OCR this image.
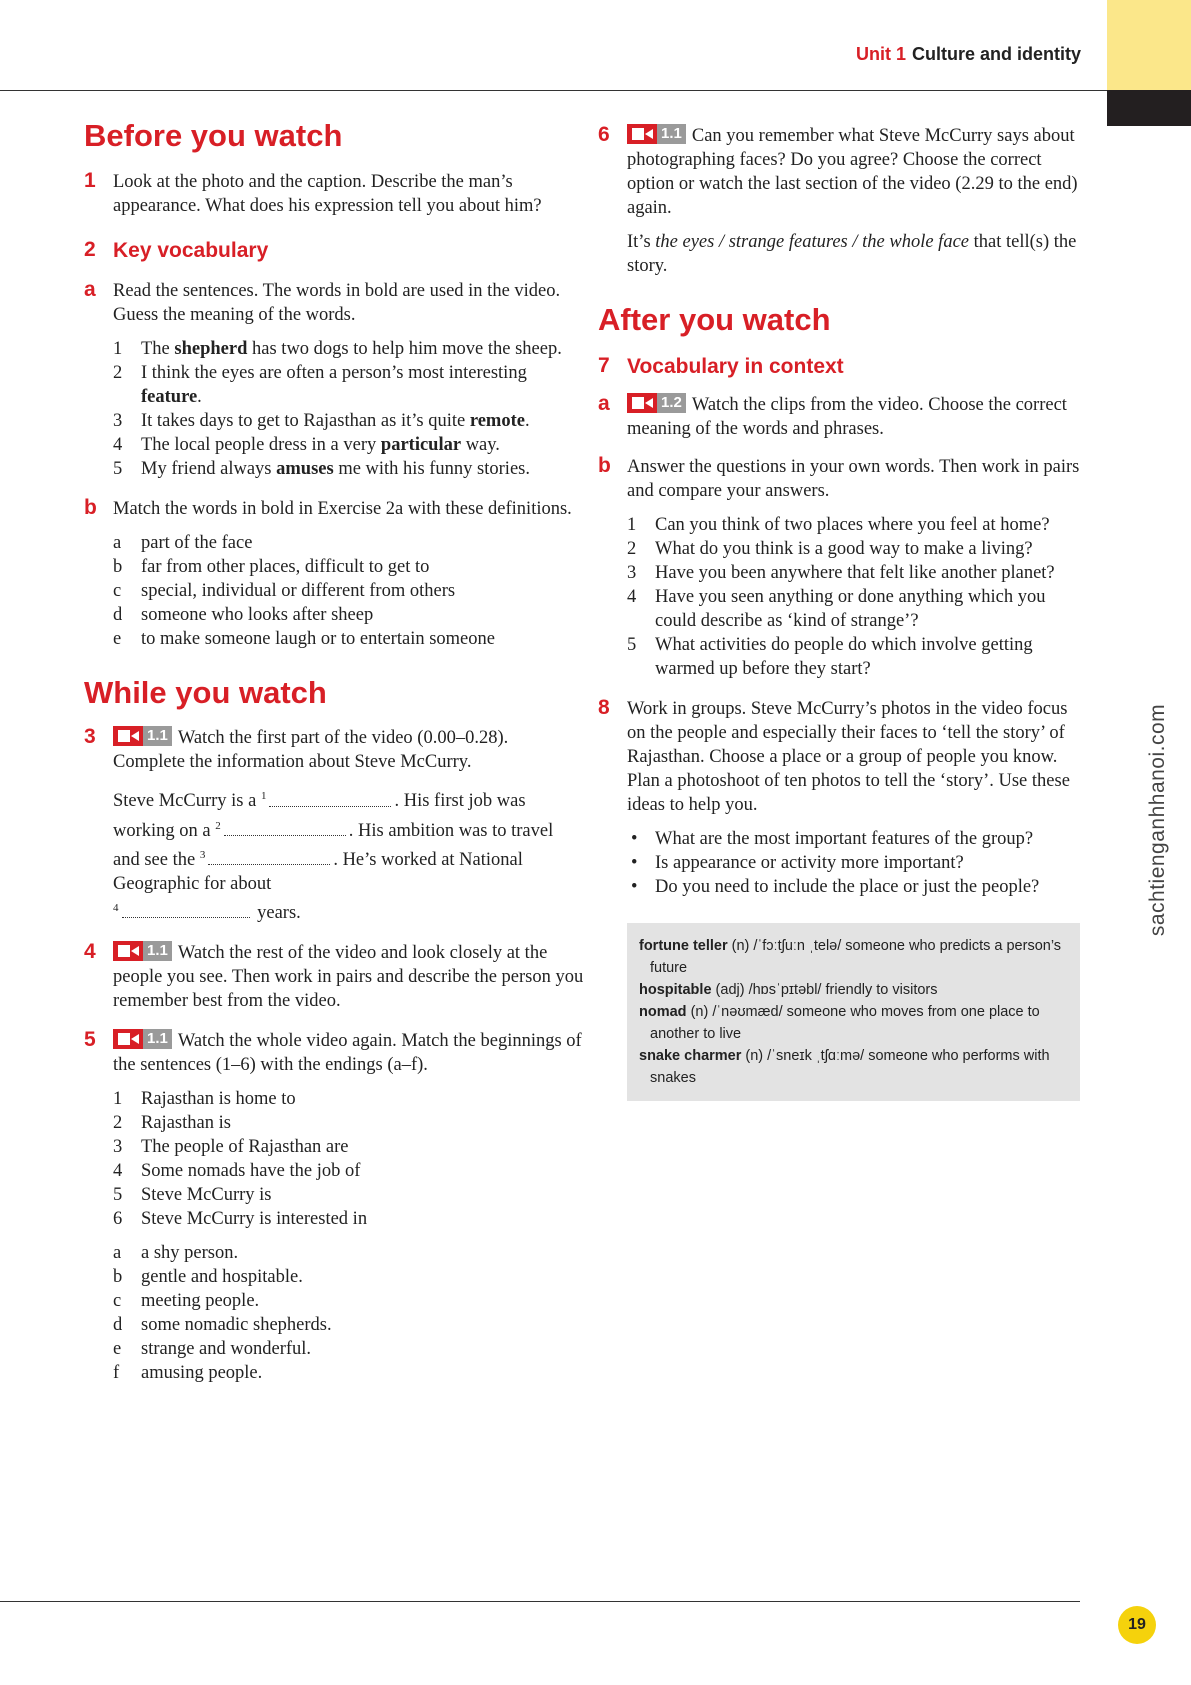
Unit 1 Culture and identity
19
sachtienganhhanoi.com
Before you watch
1 Look at the photo and the caption. Describe the man’s appearance. What does his expression tell you about him?

2 Key vocabulary
a Read the sentences. The words in bold are used in the video. Guess the meaning of the words.

1 The shepherd has two dogs to help him move the sheep.
2 I think the eyes are often a person’s most interesting feature.
3 It takes days to get to Rajasthan as it’s quite remote.
4 The local people dress in a very particular way.
5 My friend always amuses me with his funny stories.
b Match the words in bold in Exercise 2a with these definitions.

a part of the face
b far from other places, difficult to get to
c special, individual or different from others
d someone who looks after sheep
e to make someone laugh or to entertain someone
While you watch
3	1.1 Watch the first part of the video (0.00–0.28). Complete the information about Steve McCurry.

Steve McCurry is a $^1$	. His first job was working on a $^2$	. His ambition was to travel and see the $^3$	. He’s worked at National Geographic for about
$^4$	years.

4	1.1 Watch the rest of the video and look closely at the people you see. Then work in pairs and describe the person you remember best from the video.

5	1.1 Watch the whole video again. Match the beginnings of the sentences (1–6) with the endings (a–f).

1 Rajasthan is home to
2 Rajasthan is
3 The people of Rajasthan are
4 Some nomads have the job of
5 Steve McCurry is
6 Steve McCurry is interested in
a a shy person.
b gentle and hospitable.
c meeting people.
d some nomadic shepherds.
e strange and wonderful.
f amusing people.
6	1.1 Can you remember what Steve McCurry says about photographing faces? Do you agree? Choose the correct option or watch the last section of the video (2.29 to the end) again.

It’s the eyes / strange features / the whole face that tell(s) the story.

After you watch
7 Vocabulary in context
a	1.2 Watch the clips from the video. Choose the correct meaning of the words and phrases.

b Answer the questions in your own words. Then work in pairs and compare your answers.

1 Can you think of two places where you feel at home?
2 What do you think is a good way to make a living?
3 Have you been anywhere that felt like another planet?
4 Have you seen anything or done anything which you could describe as ‘kind of strange’?
5 What activities do people do which involve getting warmed up before they start?
8 Work in groups. Steve McCurry’s photos in the video focus on the people and especially their faces to ‘tell the story’ of Rajasthan. Choose a place or a group of people you know. Plan a photoshoot of ten photos to tell the ‘story’. Use these ideas to help you.

• What are the most important features of the group?
• Is appearance or activity more important?
• Do you need to include the place or just the people?
fortune teller (n) /ˈfɔːtʃuːn ˌtelə/ someone who predicts a person’s future
hospitable (adj) /hɒsˈpɪtəbl/ friendly to visitors
nomad (n) /ˈnəʊmæd/ someone who moves from one place to another to live
snake charmer (n) /ˈsneɪk ˌtʃɑːmə/ someone who performs with snakes
